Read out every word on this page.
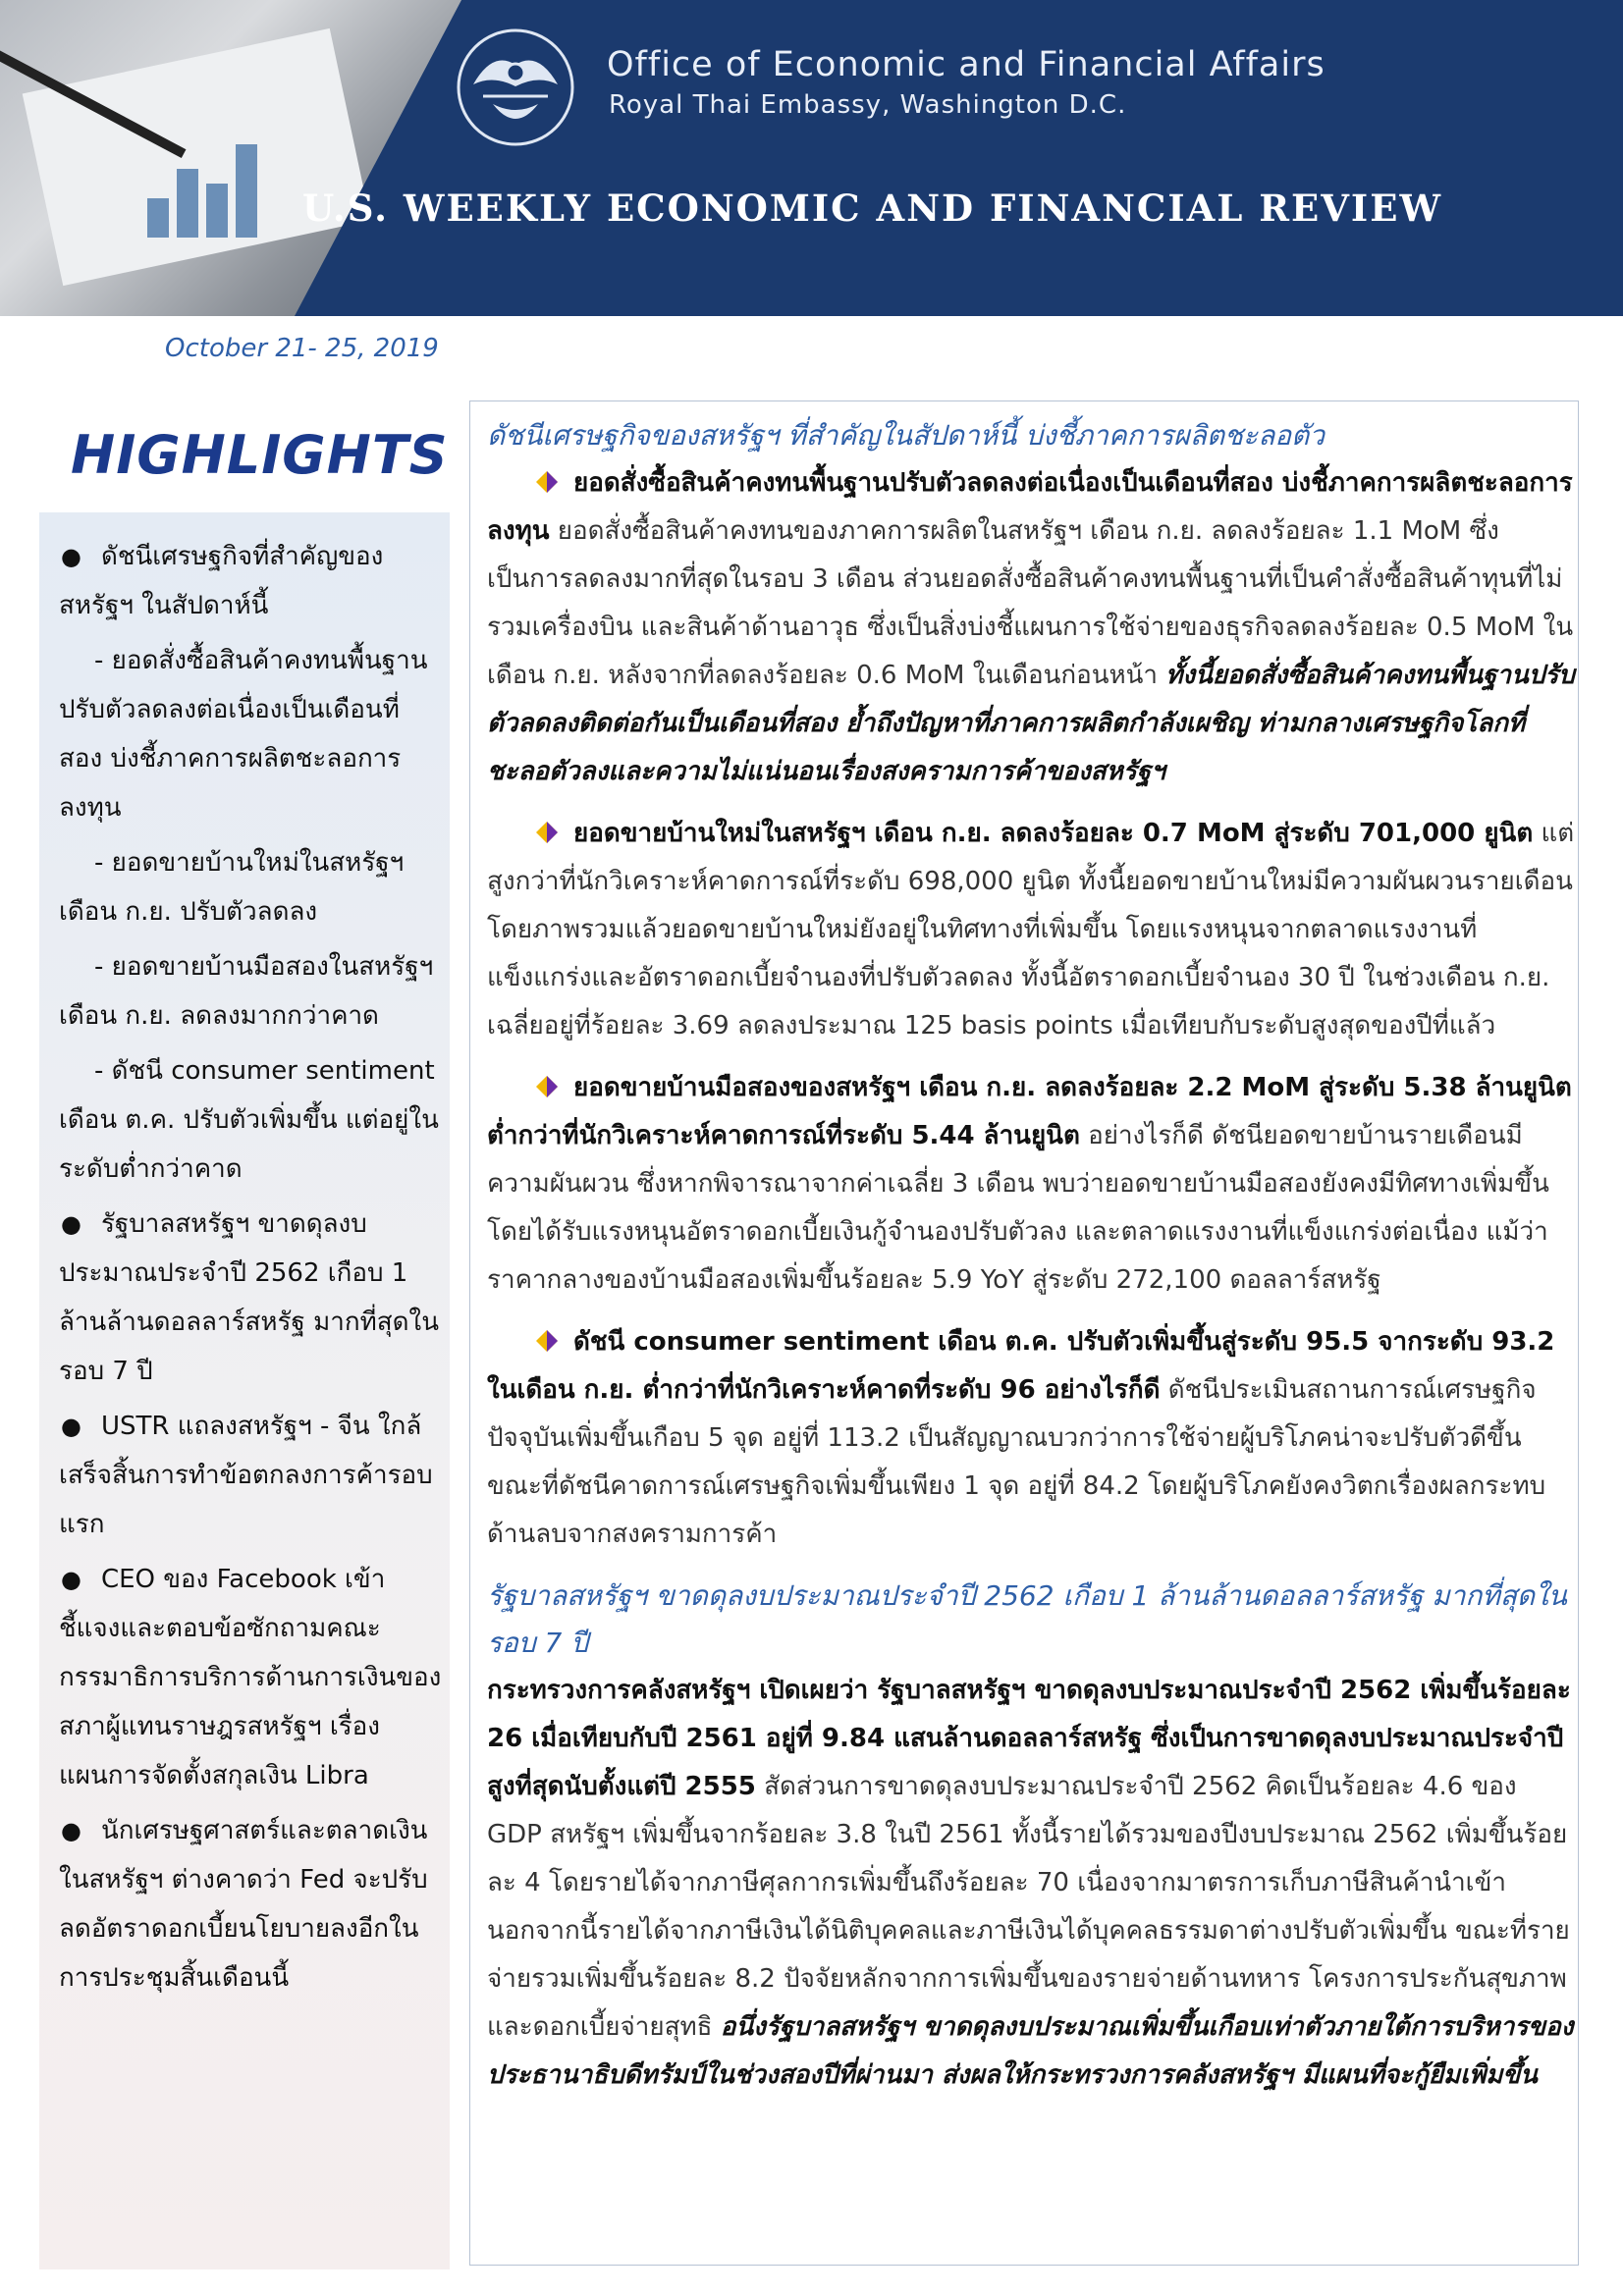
Office of Economic and Financial Affairs
Royal Thai Embassy, Washington D.C.
U.S. WEEKLY ECONOMIC AND FINANCIAL REVIEW
October 21- 25, 2019
HIGHLIGHTS
● ดัชนีเศรษฐกิจที่สำคัญของสหรัฐฯ ในสัปดาห์นี้
- ยอดสั่งซื้อสินค้าคงทนพื้นฐานปรับตัวลดลงต่อเนื่องเป็นเดือนที่สอง บ่งชี้ภาคการผลิตชะลอการลงทุน
- ยอดขายบ้านใหม่ในสหรัฐฯ เดือน ก.ย. ปรับตัวลดลง
- ยอดขายบ้านมือสองในสหรัฐฯ เดือน ก.ย. ลดลงมากกว่าคาด
- ดัชนี consumer sentiment เดือน ต.ค. ปรับตัวเพิ่มขึ้น แต่อยู่ในระดับต่ำกว่าคาด
● รัฐบาลสหรัฐฯ ขาดดุลงบประมาณประจำปี 2562 เกือบ 1 ล้านล้านดอลลาร์สหรัฐ มากที่สุดในรอบ 7 ปี
● USTR แถลงสหรัฐฯ - จีน ใกล้เสร็จสิ้นการทำข้อตกลงการค้ารอบแรก
● CEO ของ Facebook เข้าชี้แจงและตอบข้อซักถามคณะกรรมาธิการบริการด้านการเงินของสภาผู้แทนราษฎรสหรัฐฯ เรื่องแผนการจัดตั้งสกุลเงิน Libra
● นักเศรษฐศาสตร์และตลาดเงินในสหรัฐฯ ต่างคาดว่า Fed จะปรับลดอัตราดอกเบี้ยนโยบายลงอีกในการประชุมสิ้นเดือนนี้
ดัชนีเศรษฐกิจของสหรัฐฯ ที่สำคัญในสัปดาห์นี้ บ่งชี้ภาคการผลิตชะลอตัว
ยอดสั่งซื้อสินค้าคงทนพื้นฐานปรับตัวลดลงต่อเนื่องเป็นเดือนที่สอง บ่งชี้ภาคการผลิตชะลอการลงทุน ยอดสั่งซื้อสินค้าคงทนของภาคการผลิตในสหรัฐฯ เดือน ก.ย. ลดลงร้อยละ 1.1 MoM ซึ่งเป็นการลดลงมากที่สุดในรอบ 3 เดือน ส่วนยอดสั่งซื้อสินค้าคงทนพื้นฐานที่เป็นคำสั่งซื้อสินค้าทุนที่ไม่รวมเครื่องบิน และสินค้าด้านอาวุธ ซึ่งเป็นสิ่งบ่งชี้แผนการใช้จ่ายของธุรกิจลดลงร้อยละ 0.5 MoM ในเดือน ก.ย. หลังจากที่ลดลงร้อยละ 0.6 MoM ในเดือนก่อนหน้า ทั้งนี้ยอดสั่งซื้อสินค้าคงทนพื้นฐานปรับตัวลดลงติดต่อกันเป็นเดือนที่สอง ย้ำถึงปัญหาที่ภาคการผลิตกำลังเผชิญ ท่ามกลางเศรษฐกิจโลกที่ชะลอตัวลงและความไม่แน่นอนเรื่องสงครามการค้าของสหรัฐฯ
ยอดขายบ้านใหม่ในสหรัฐฯ เดือน ก.ย. ลดลงร้อยละ 0.7 MoM สู่ระดับ 701,000 ยูนิต แต่สูงกว่าที่นักวิเคราะห์คาดการณ์ที่ระดับ 698,000 ยูนิต ทั้งนี้ยอดขายบ้านใหม่มีความผันผวนรายเดือน โดยภาพรวมแล้วยอดขายบ้านใหม่ยังอยู่ในทิศทางที่เพิ่มขึ้น โดยแรงหนุนจากตลาดแรงงานที่แข็งแกร่งและอัตราดอกเบี้ยจำนองที่ปรับตัวลดลง ทั้งนี้อัตราดอกเบี้ยจำนอง 30 ปี ในช่วงเดือน ก.ย. เฉลี่ยอยู่ที่ร้อยละ 3.69 ลดลงประมาณ 125 basis points เมื่อเทียบกับระดับสูงสุดของปีที่แล้ว
ยอดขายบ้านมือสองของสหรัฐฯ เดือน ก.ย. ลดลงร้อยละ 2.2 MoM สู่ระดับ 5.38 ล้านยูนิต ต่ำกว่าที่นักวิเคราะห์คาดการณ์ที่ระดับ 5.44 ล้านยูนิต อย่างไรก็ดี ดัชนียอดขายบ้านรายเดือนมีความผันผวน ซึ่งหากพิจารณาจากค่าเฉลี่ย 3 เดือน พบว่ายอดขายบ้านมือสองยังคงมีทิศทางเพิ่มขึ้น โดยได้รับแรงหนุนอัตราดอกเบี้ยเงินกู้จำนองปรับตัวลง และตลาดแรงงานที่แข็งแกร่งต่อเนื่อง แม้ว่าราคากลางของบ้านมือสองเพิ่มขึ้นร้อยละ 5.9 YoY สู่ระดับ 272,100 ดอลลาร์สหรัฐ
ดัชนี consumer sentiment เดือน ต.ค. ปรับตัวเพิ่มขึ้นสู่ระดับ 95.5 จากระดับ 93.2 ในเดือน ก.ย. ต่ำกว่าที่นักวิเคราะห์คาดที่ระดับ 96 อย่างไรก็ดี ดัชนีประเมินสถานการณ์เศรษฐกิจปัจจุบันเพิ่มขึ้นเกือบ 5 จุด อยู่ที่ 113.2 เป็นสัญญาณบวกว่าการใช้จ่ายผู้บริโภคน่าจะปรับตัวดีขึ้น ขณะที่ดัชนีคาดการณ์เศรษฐกิจเพิ่มขึ้นเพียง 1 จุด อยู่ที่ 84.2 โดยผู้บริโภคยังคงวิตกเรื่องผลกระทบด้านลบจากสงครามการค้า
รัฐบาลสหรัฐฯ ขาดดุลงบประมาณประจำปี 2562 เกือบ 1 ล้านล้านดอลลาร์สหรัฐ มากที่สุดในรอบ 7 ปี
กระทรวงการคลังสหรัฐฯ เปิดเผยว่า รัฐบาลสหรัฐฯ ขาดดุลงบประมาณประจำปี 2562 เพิ่มขึ้นร้อยละ 26 เมื่อเทียบกับปี 2561 อยู่ที่ 9.84 แสนล้านดอลลาร์สหรัฐ ซึ่งเป็นการขาดดุลงบประมาณประจำปีสูงที่สุดนับตั้งแต่ปี 2555 สัดส่วนการขาดดุลงบประมาณประจำปี 2562 คิดเป็นร้อยละ 4.6 ของ GDP สหรัฐฯ เพิ่มขึ้นจากร้อยละ 3.8 ในปี 2561 ทั้งนี้รายได้รวมของปีงบประมาณ 2562 เพิ่มขึ้นร้อยละ 4 โดยรายได้จากภาษีศุลกากรเพิ่มขึ้นถึงร้อยละ 70 เนื่องจากมาตรการเก็บภาษีสินค้านำเข้า นอกจากนี้รายได้จากภาษีเงินได้นิติบุคคลและภาษีเงินได้บุคคลธรรมดาต่างปรับตัวเพิ่มขึ้น ขณะที่รายจ่ายรวมเพิ่มขึ้นร้อยละ 8.2 ปัจจัยหลักจากการเพิ่มขึ้นของรายจ่ายด้านทหาร โครงการประกันสุขภาพและดอกเบี้ยจ่ายสุทธิ อนึ่งรัฐบาลสหรัฐฯ ขาดดุลงบประมาณเพิ่มขึ้นเกือบเท่าตัวภายใต้การบริหารของประธานาธิบดีทรัมป์ในช่วงสองปีที่ผ่านมา ส่งผลให้กระทรวงการคลังสหรัฐฯ มีแผนที่จะกู้ยืมเพิ่มขึ้น
